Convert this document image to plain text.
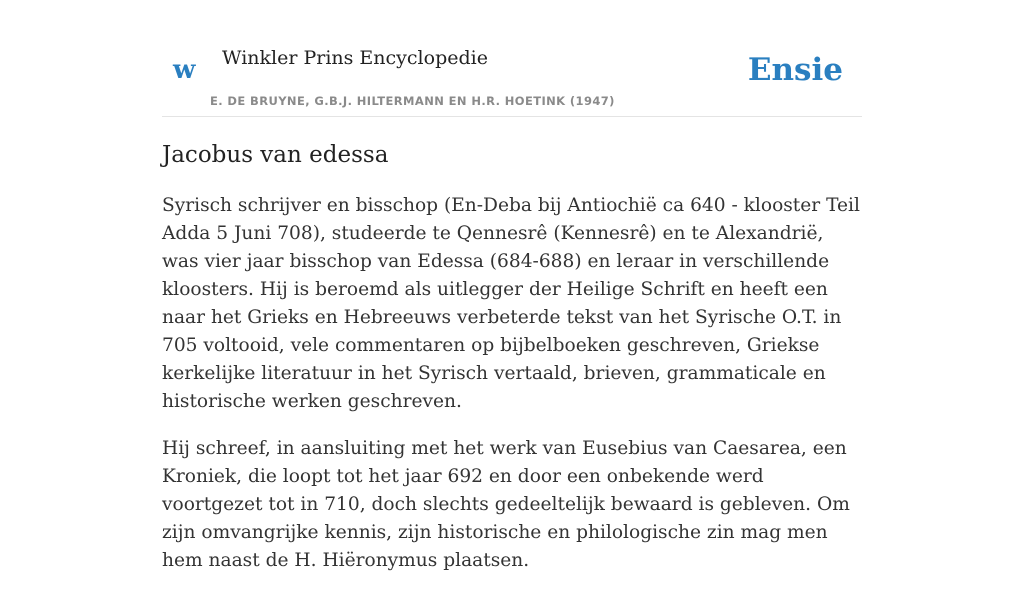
w Winkler Prins Encyclopedie
E. DE BRUYNE, G.B.J. HILTERMANN EN H.R. HOETINK (1947)
Ensie
Jacobus van edessa

Syrisch schrijver en bisschop (En-Deba bij Antiochië ca 640 - klooster Teil Adda 5 Juni 708), studeerde te Qennesrê (Kennesrê) en te Alexandrië, was vier jaar bisschop van Edessa (684-688) en leraar in verschillende kloosters. Hij is beroemd als uitlegger der Heilige Schrift en heeft een naar het Grieks en Hebreeuws verbeterde tekst van het Syrische O.T. in 705 voltooid, vele commentaren op bijbelboeken geschreven, Griekse kerkelijke literatuur in het Syrisch vertaald, brieven, grammaticale en historische werken geschreven.

Hij schreef, in aansluiting met het werk van Eusebius van Caesarea, een Kroniek, die loopt tot het jaar 692 en door een onbekende werd voortgezet tot in 710, doch slechts gedeeltelijk bewaard is gebleven. Om zijn omvangrijke kennis, zijn historische en philologische zin mag men hem naast de H. Hiëronymus plaatsen.
